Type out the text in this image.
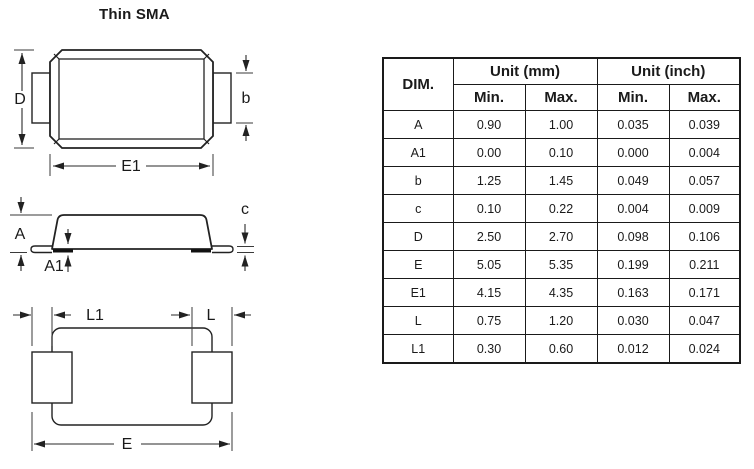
Thin SMA
D	b
E1
A
A1
c
L1	L
E
DIM.	Unit (mm)		Unit (inch)	
	Min.	Max.	Min.	Max.
A	0.90	1.00	0.035	0.039
A1	0.00	0.10	0.000	0.004
b	1.25	1.45	0.049	0.057
c	0.10	0.22	0.004	0.009
D	2.50	2.70	0.098	0.106
E	5.05	5.35	0.199	0.211
E1	4.15	4.35	0.163	0.171
L	0.75	1.20	0.030	0.047
L1	0.30	0.60	0.012	0.024
